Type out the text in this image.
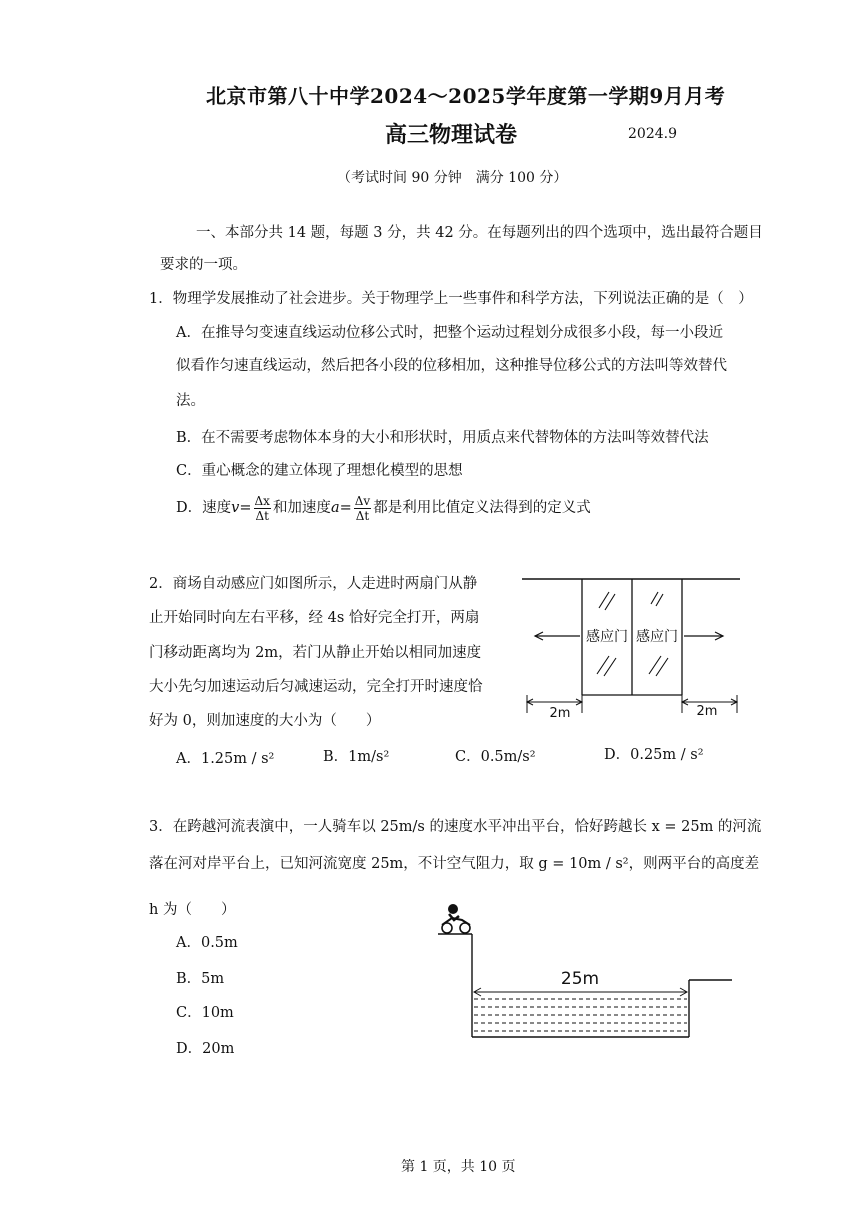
北京市第八十中学2024～2025学年度第一学期9月月考
高三物理试卷	2024.9
（考试时间 90 分钟　满分 100 分）
一、本部分共 14 题，每题 3 分，共 42 分。在每题列出的四个选项中，选出最符合题目
要求的一项。
1．物理学发展推动了社会进步。关于物理学上一些事件和科学方法，下列说法正确的是（　）
A．在推导匀变速直线运动位移公式时，把整个运动过程划分成很多小段，每一小段近
似看作匀速直线运动，然后把各小段的位移相加，这种推导位移公式的方法叫等效替代
法。
B．在不需要考虑物体本身的大小和形状时，用质点来代替物体的方法叫等效替代法
C．重心概念的建立体现了理想化模型的思想
D．速度 $v = \frac{\Delta x}{\Delta t}$ 和加速度 $a = \frac{\Delta v}{\Delta t}$ 都是利用比值定义法得到的定义式
2．商场自动感应门如图所示，人走进时两扇门从静
止开始同时向左右平移，经 4s 恰好完全打开，两扇
门移动距离均为 2m，若门从静止开始以相同加速度
大小先匀加速运动后匀减速运动，完全打开时速度恰
好为 0，则加速度的大小为（　　）
A．1.25m / s²	B．1m/s²	C．0.5m/s²	D．0.25m / s²
感应门 感应门
2m	2m
3．在跨越河流表演中，一人骑车以 25m/s 的速度水平冲出平台，恰好跨越长 x = 25m 的河流
落在河对岸平台上，已知河流宽度 25m，不计空气阻力，取 g = 10m / s²，则两平台的高度差
h 为（　　）
A．0.5m
B．5m
C．10m
D．20m
25m
第 1 页，共 10 页
